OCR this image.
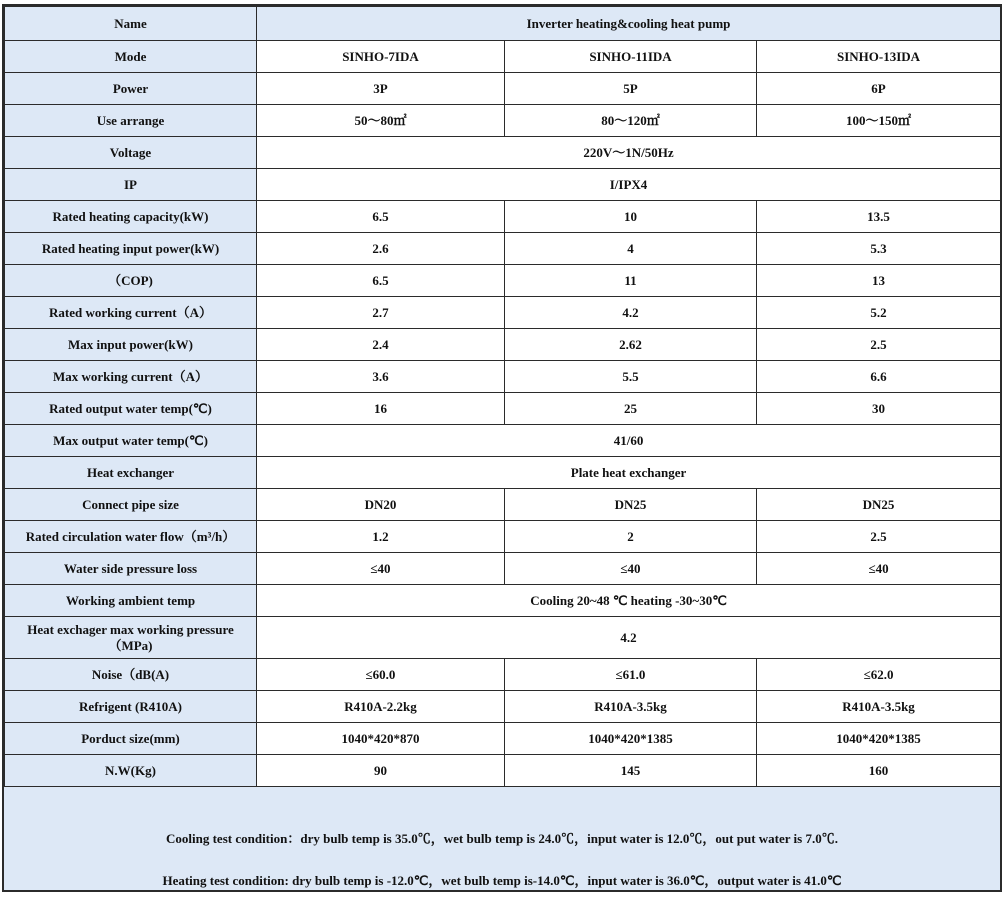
Name	Inverter heating&cooling heat pump		
Mode	SINHO-7IDA	SINHO-11IDA	SINHO-13IDA
Power	3P	5P	6P
Use arrange	50～80㎡	80～120㎡	100～150㎡
Voltage	220V～1N/50Hz		
IP	I/IPX4		
Rated heating capacity(kW)	6.5	10	13.5
Rated heating input power(kW)	2.6	4	5.3
（COP)	6.5	11	13
Rated working current（A）	2.7	4.2	5.2
Max input power(kW)	2.4	2.62	2.5
Max working current（A）	3.6	5.5	6.6
Rated output water temp(℃)	16	25	30
Max output water temp(℃)	41/60		
Heat exchanger	Plate heat exchanger		
Connect pipe size	DN20	DN25	DN25
Rated circulation water flow（m³/h）	1.2	2	2.5
Water side pressure loss	≤40	≤40	≤40
Working ambient temp	Cooling 20~48 ℃ heating -30~30℃		
Heat exchager max working pressure
（MPa)	4.2		
Noise（dB(A)	≤60.0	≤61.0	≤62.0
Refrigent (R410A)	R410A-2.2kg	R410A-3.5kg	R410A-3.5kg
Porduct size(mm)	1040*420*870	1040*420*1385	1040*420*1385
N.W(Kg)	90	145	160
Cooling test condition：dry bulb temp is 35.0℃，wet bulb temp is 24.0℃，input water is 12.0℃，out put water is 7.0℃.
Heating test condition: dry bulb temp is -12.0℃，wet bulb temp is-14.0℃，input water is 36.0℃，output water is 41.0℃
